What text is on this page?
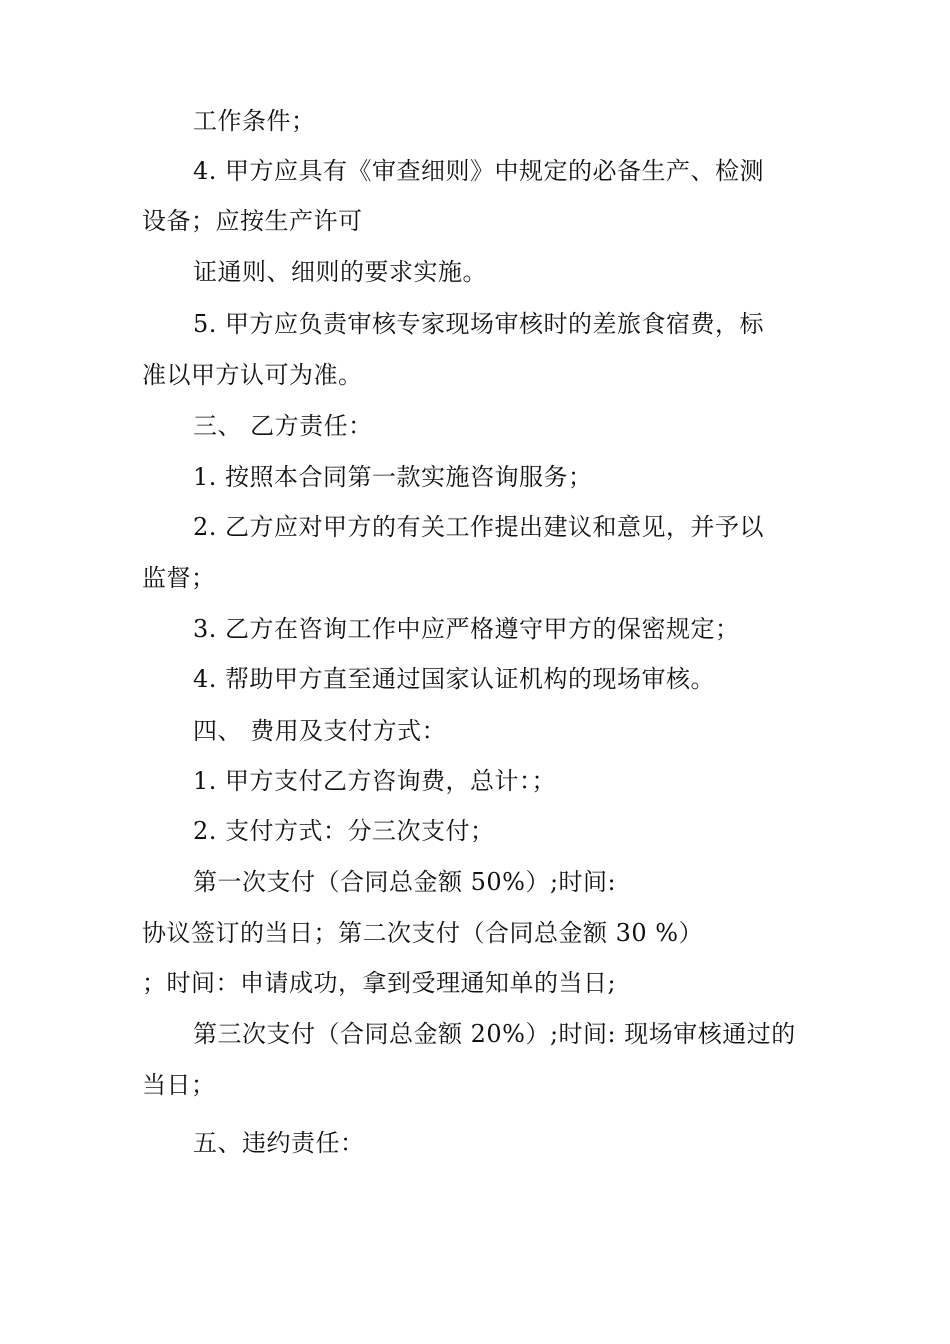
工作条件；
4. 甲方应具有《审查细则》中规定的必备生产、检测
设备；应按生产许可
证通则、细则的要求实施。
5. 甲方应负责审核专家现场审核时的差旅食宿费，标
准以甲方认可为准。
三、 乙方责任：
1. 按照本合同第一款实施咨询服务；
2. 乙方应对甲方的有关工作提出建议和意见，并予以
监督；
3. 乙方在咨询工作中应严格遵守甲方的保密规定；
4. 帮助甲方直至通过国家认证机构的现场审核。
四、 费用及支付方式：
1. 甲方支付乙方咨询费，总计：；
2. 支付方式：分三次支付；
第一次支付（合同总金额 50%）;时间:
协议签订的当日；第二次支付（合同总金额 30 %）
；时间：申请成功，拿到受理通知单的当日;
第三次支付（合同总金额 20%）;时间: 现场审核通过的
当日；
五、违约责任：
